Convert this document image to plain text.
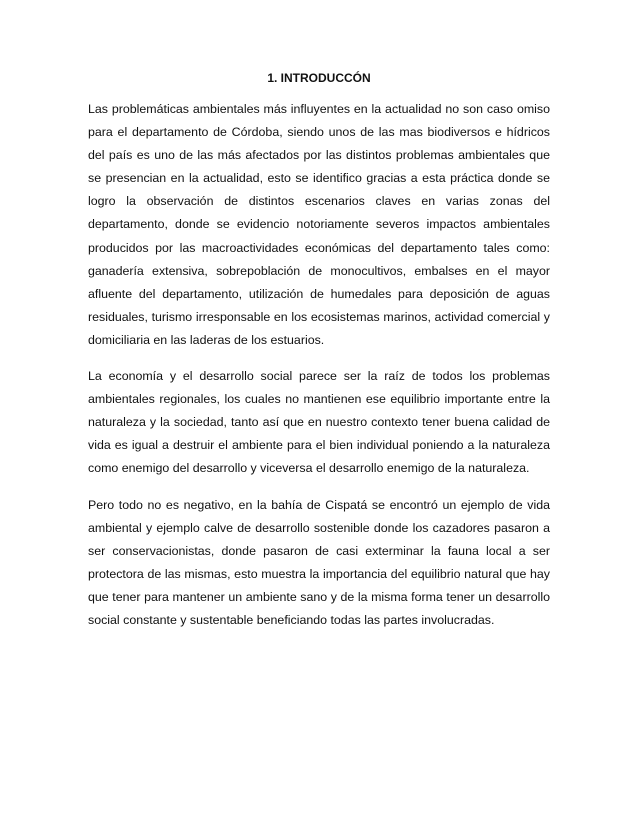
1. INTRODUCCÓN

Las problemáticas ambientales más influyentes en la actualidad no son caso omiso para el departamento de Córdoba, siendo unos de las mas biodiversos e hídricos del país es uno de las más afectados por las distintos problemas ambientales que se presencian en la actualidad, esto se identifico gracias a esta práctica donde se logro la observación de distintos escenarios claves en varias zonas del departamento, donde se evidencio notoriamente severos impactos ambientales producidos por las macroactividades económicas del departamento tales como: ganadería extensiva, sobrepoblación de monocultivos, embalses en el mayor afluente del departamento, utilización de humedales para deposición de aguas residuales, turismo irresponsable en los ecosistemas marinos, actividad comercial y domiciliaria en las laderas de los estuarios.

La economía y el desarrollo social parece ser la raíz de todos los problemas ambientales regionales, los cuales no mantienen ese equilibrio importante entre la naturaleza y la sociedad, tanto así que en nuestro contexto tener buena calidad de vida es igual a destruir el ambiente para el bien individual poniendo a la naturaleza como enemigo del desarrollo y viceversa el desarrollo enemigo de la naturaleza.

Pero todo no es negativo, en la bahía de Cispatá se encontró un ejemplo de vida ambiental y ejemplo calve de desarrollo sostenible donde los cazadores pasaron a ser conservacionistas, donde pasaron de casi exterminar la fauna local a ser protectora de las mismas, esto muestra la importancia del equilibrio natural que hay que tener para mantener un ambiente sano y de la misma forma tener un desarrollo social constante y sustentable beneficiando todas las partes involucradas.
